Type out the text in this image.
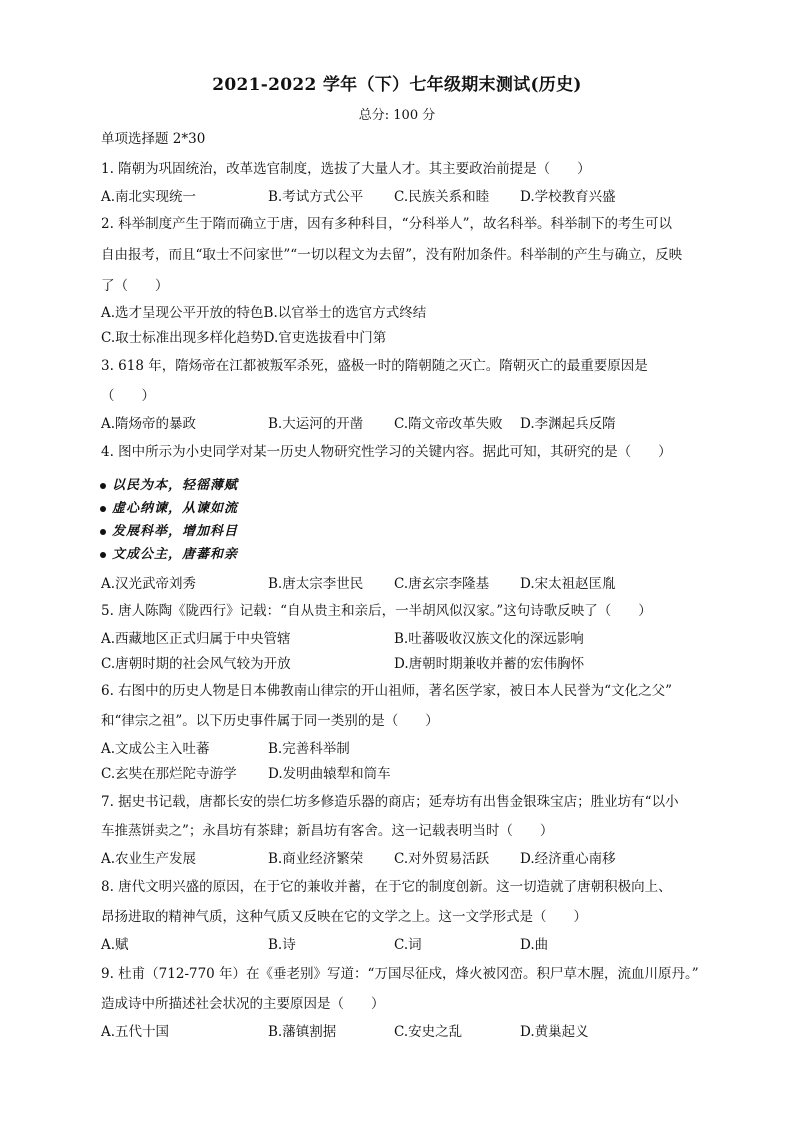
2021-2022 学年（下）七年级期末测试(历史)
总分: 100 分
单项选择题 2*30
1. 隋朝为巩固统治，改革选官制度，选拔了大量人才。其主要政治前提是（　　）
A.南北实现统一	B.考试方式公平 C.民族关系和睦 D.学校教育兴盛
2. 科举制度产生于隋而确立于唐，因有多种科目，“分科举人”，故名科举。科举制下的考生可以
自由报考，而且“取士不问家世”“一切以程文为去留”，没有附加条件。科举制的产生与确立，反映
了（　　）
A.选才呈现公平开放的特色B.以官举士的选官方式终结
C.取士标准出现多样化趋势D.官吏选拔看中门第
3. 618 年，隋炀帝在江都被叛军杀死，盛极一时的隋朝随之灭亡。隋朝灭亡的最重要原因是
（　　）
A.隋炀帝的暴政	B.大运河的开凿 C.隋文帝改革失败 D.李渊起兵反隋
4. 图中所示为小史同学对某一历史人物研究性学习的关键内容。据此可知，其研究的是（　　）
以民为本，轻徭薄赋
虚心纳谏，从谏如流
发展科举，增加科目
文成公主，唐蕃和亲
A.汉光武帝刘秀	B.唐太宗李世民 C.唐玄宗李隆基 D.宋太祖赵匡胤
5. 唐人陈陶《陇西行》记载：“自从贵主和亲后，一半胡风似汉家。”这句诗歌反映了（　　）
A.西藏地区正式归属于中央管辖	B.吐蕃吸收汉族文化的深远影响
C.唐朝时期的社会风气较为开放	D.唐朝时期兼收并蓄的宏伟胸怀
6. 右图中的历史人物是日本佛教南山律宗的开山祖师，著名医学家，被日本人民誉为“文化之父”
和“律宗之祖”。以下历史事件属于同一类别的是（　　）
A.文成公主入吐蕃	B.完善科举制
C.玄奘在那烂陀寺游学 D.发明曲辕犁和筒车
7. 据史书记载，唐都长安的崇仁坊多修造乐器的商店；延寿坊有出售金银珠宝店；胜业坊有“以小
车推蒸饼卖之”；永昌坊有茶肆；新昌坊有客舍。这一记载表明当时（　　）
A.农业生产发展	B.商业经济繁荣 C.对外贸易活跃 D.经济重心南移
8. 唐代文明兴盛的原因，在于它的兼收并蓄，在于它的制度创新。这一切造就了唐朝积极向上、
昂扬进取的精神气质，这种气质又反映在它的文学之上。这一文学形式是（　　）
A.赋	B.诗	C.词	D.曲
9. 杜甫（712-770 年）在《垂老别》写道：“万国尽征戍，烽火被冈峦。积尸草木腥，流血川原丹。”
造成诗中所描述社会状况的主要原因是（　　）
A.五代十国	B.藩镇割据	C.安史之乱	D.黄巢起义
